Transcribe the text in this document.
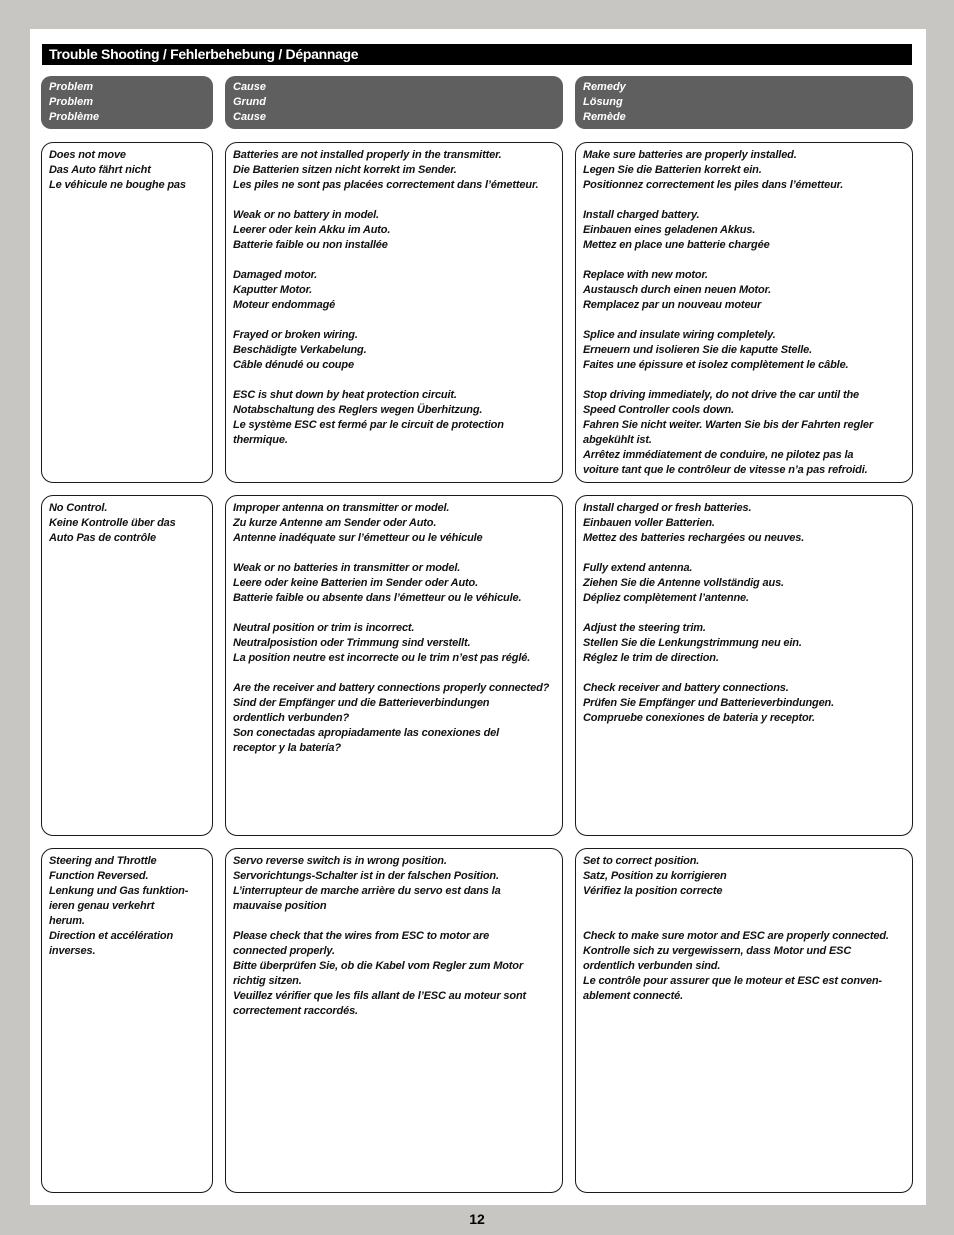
Trouble Shooting / Fehlerbehebung / Dépannage
Problem
Problem
Problème
Cause
Grund
Cause
Remedy
Lösung
Remède
Does not move
Das Auto fährt nicht
Le véhicule ne boughe pas
Batteries are not installed properly in the transmitter.
Die Batterien sitzen nicht korrekt im Sender.
Les piles ne sont pas placées correctement dans l’émetteur.
Weak or no battery in model.
Leerer oder kein Akku im Auto.
Batterie faible ou non installée
Damaged motor.
Kaputter Motor.
Moteur endommagé
Frayed or broken wiring.
Beschädigte Verkabelung.
Câble dénudé ou coupe
ESC is shut down by heat protection circuit.
Notabschaltung des Reglers wegen Überhitzung.
Le système ESC est fermé par le circuit de protection
thermique.
Make sure batteries are properly installed.
Legen Sie die Batterien korrekt ein.
Positionnez correctement les piles dans l’émetteur.
Install charged battery.
Einbauen eines geladenen Akkus.
Mettez en place une batterie chargée
Replace with new motor.
Austausch durch einen neuen Motor.
Remplacez par un nouveau moteur
Splice and insulate wiring completely.
Erneuern und isolieren Sie die kaputte Stelle.
Faites une épissure et isolez complètement le câble.
Stop driving immediately, do not drive the car until the
Speed Controller cools down.
Fahren Sie nicht weiter. Warten Sie bis der Fahrten regler
abgekühlt ist.
Arrêtez immédiatement de conduire, ne pilotez pas la
voiture tant que le contrôleur de vitesse n’a pas refroidi.
No Control.
Keine Kontrolle über das
Auto Pas de contrôle
Improper antenna on transmitter or model.
Zu kurze Antenne am Sender oder Auto.
Antenne inadéquate sur l’émetteur ou le véhicule
Weak or no batteries in transmitter or model.
Leere oder keine Batterien im Sender oder Auto.
Batterie faible ou absente dans l’émetteur ou le véhicule.
Neutral position or trim is incorrect.
Neutralposistion oder Trimmung sind verstellt.
La position neutre est incorrecte ou le trim n’est pas réglé.
Are the receiver and battery connections properly connected?
Sind der Empfänger und die Batterieverbindungen
ordentlich verbunden?
Son conectadas apropiadamente las conexiones del
receptor y la batería?
Install charged or fresh batteries.
Einbauen voller Batterien.
Mettez des batteries rechargées ou neuves.
Fully extend antenna.
Ziehen Sie die Antenne vollständig aus.
Dépliez complètement l’antenne.
Adjust the steering trim.
Stellen Sie die Lenkungstrimmung neu ein.
Réglez le trim de direction.
Check receiver and battery connections.
Prüfen Sie Empfänger und Batterieverbindungen.
Compruebe conexiones de bateria y receptor.
Steering and Throttle
Function Reversed.
Lenkung und Gas funktion-
ieren genau verkehrt
herum.
Direction et accélération
inverses.
Servo reverse switch is in wrong position.
Servorichtungs-Schalter ist in der falschen Position.
L’interrupteur de marche arrière du servo est dans la
mauvaise position
Please check that the wires from ESC to motor are
connected properly.
Bitte überprüfen Sie, ob die Kabel vom Regler zum Motor
richtig sitzen.
Veuillez vérifier que les fils allant de l’ESC au moteur sont
correctement raccordés.
Set to correct position.
Satz, Position zu korrigieren
Vérifiez la position correcte

Check to make sure motor and ESC are properly connected.
Kontrolle sich zu vergewissern, dass Motor und ESC
ordentlich verbunden sind.
Le contrôle pour assurer que le moteur et ESC est conven-
ablement connecté.
12
